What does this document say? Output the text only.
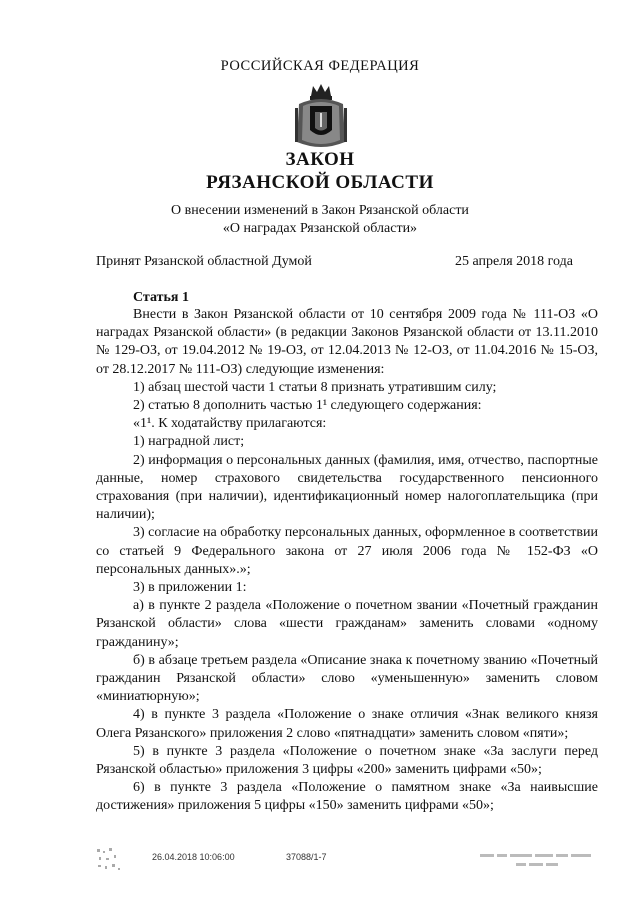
РОССИЙСКАЯ ФЕДЕРАЦИЯ
ЗАКОН
РЯЗАНСКОЙ ОБЛАСТИ
О внесении изменений в Закон Рязанской области
«О наградах Рязанской области»
Принят Рязанской областной Думой	25 апреля 2018 года
Статья 1

Внести в Закон Рязанской области от 10 сентября 2009 года № 111-ОЗ «О наградах Рязанской области» (в редакции Законов Рязанской области от 13.11.2010 № 129-ОЗ, от 19.04.2012 № 19-ОЗ, от 12.04.2013 № 12-ОЗ, от 11.04.2016 № 15-ОЗ, от 28.12.2017 № 111-ОЗ) следующие изменения:

1) абзац шестой части 1 статьи 8 признать утратившим силу;

2) статью 8 дополнить частью 1¹ следующего содержания:

«1¹. К ходатайству прилагаются:

1) наградной лист;

2) информация о персональных данных (фамилия, имя, отчество, паспортные данные, номер страхового свидетельства государственного пенсионного страхования (при наличии), идентификационный номер налогоплательщика (при наличии);

3) согласие на обработку персональных данных, оформленное в соответствии со статьей 9 Федерального закона от 27 июля 2006 года № 152-ФЗ «О персональных данных».»;

3) в приложении 1:

а) в пункте 2 раздела «Положение о почетном звании «Почетный гражданин Рязанской области» слова «шести гражданам» заменить словами «одному гражданину»;

б) в абзаце третьем раздела «Описание знака к почетному званию «Почетный гражданин Рязанской области» слово «уменьшенную» заменить словом «миниатюрную»;

4) в пункте 3 раздела «Положение о знаке отличия «Знак великого князя Олега Рязанского» приложения 2 слово «пятнадцати» заменить словом «пяти»;

5) в пункте 3 раздела «Положение о почетном знаке «За заслуги перед Рязанской областью» приложения 3 цифры «200» заменить цифрами «50»;

6) в пункте 3 раздела «Положение о памятном знаке «За наивысшие достижения» приложения 5 цифры «150» заменить цифрами «50»;

26.04.2018 10:06:00	37088/1-7
